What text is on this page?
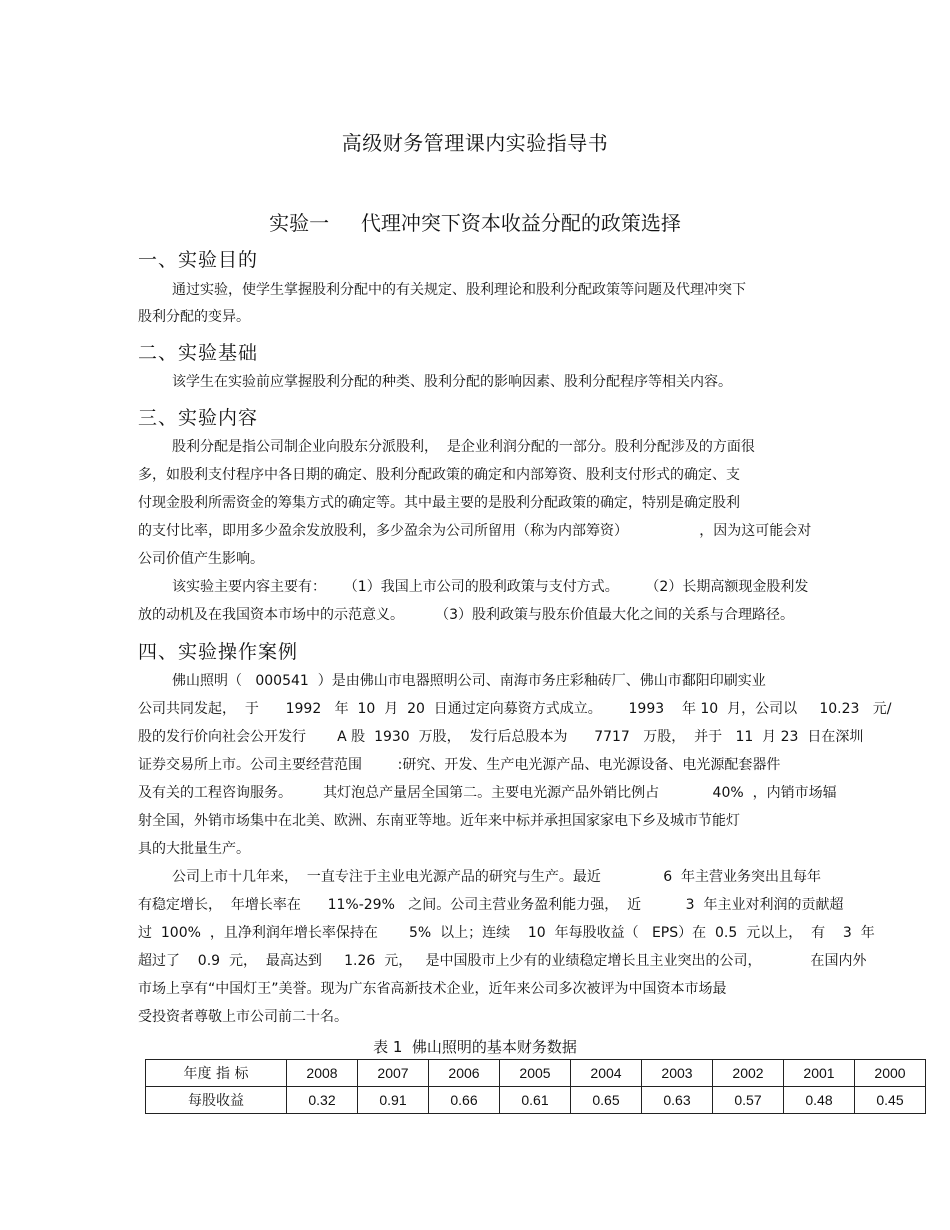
高级财务管理课内实验指导书
实验一     代理冲突下资本收益分配的政策选择
一、实验目的
通过实验，使学生掌握股利分配中的有关规定、股利理论和股利分配政策等问题及代理冲突下
股利分配的变异。
二、实验基础
该学生在实验前应掌握股利分配的种类、股利分配的影响因素、股利分配程序等相关内容。
三、实验内容
股利分配是指公司制企业向股东分派股利，  是企业利润分配的一部分。股利分配涉及的方面很
多，如股利支付程序中各日期的确定、股利分配政策的确定和内部筹资、股利支付形式的确定、支
付现金股利所需资金的筹集方式的确定等。其中最主要的是股利分配政策的确定，特别是确定股利
的支付比率，即用多少盈余发放股利，多少盈余为公司所留用（称为内部筹资）                ，因为这可能会对
公司价值产生影响。
该实验主要内容主要有：    （1）我国上市公司的股利政策与支付方式。      （2）长期高额现金股利发
放的动机及在我国资本市场中的示范意义。       （3）股利政策与股东价值最大化之间的关系与合理路径。
四、实验操作案例
佛山照明（   000541  ）是由佛山市电器照明公司、南海市务庄彩釉砖厂、佛山市鄱阳印刷实业
公司共同发起，  于      1992   年  10  月  20  日通过定向募资方式成立。      1993    年 10  月，公司以     10.23   元/
股的发行价向社会公开发行       A 股  1930  万股，  发行后总股本为      7717   万股，  并于   11  月 23  日在深圳
证券交易所上市。公司主要经营范围        :研究、开发、生产电光源产品、电光源设备、电光源配套器件
及有关的工程咨询服务。       其灯泡总产量居全国第二。主要电光源产品外销比例占            40%  ，内销市场辐
射全国，外销市场集中在北美、欧洲、东南亚等地。近年来中标并承担国家家电下乡及城市节能灯
具的大批量生产。
公司上市十几年来，  一直专注于主业电光源产品的研究与生产。最近              6  年主营业务突出且每年
有稳定增长，  年增长率在      11%-29%   之间。公司主营业务盈利能力强，  近          3  年主业对利润的贡献超
过  100%  ，且净利润年增长率保持在       5%  以上；连续    10  年每股收益（   EPS）在  0.5  元以上，  有    3  年
超过了    0.9  元，  最高达到     1.26  元，   是中国股市上少有的业绩稳定增长且主业突出的公司，           在国内外
市场上享有“中国灯王”美誉。现为广东省高新技术企业，近年来公司多次被评为中国资本市场最
受投资者尊敬上市公司前二十名。
表 1  佛山照明的基本财务数据
年度 指 标	2008	2007	2006	2005	2004	2003	2002	2001	2000
每股收益	0.32	0.91	0.66	0.61	0.65	0.63	0.57	0.48	0.45
